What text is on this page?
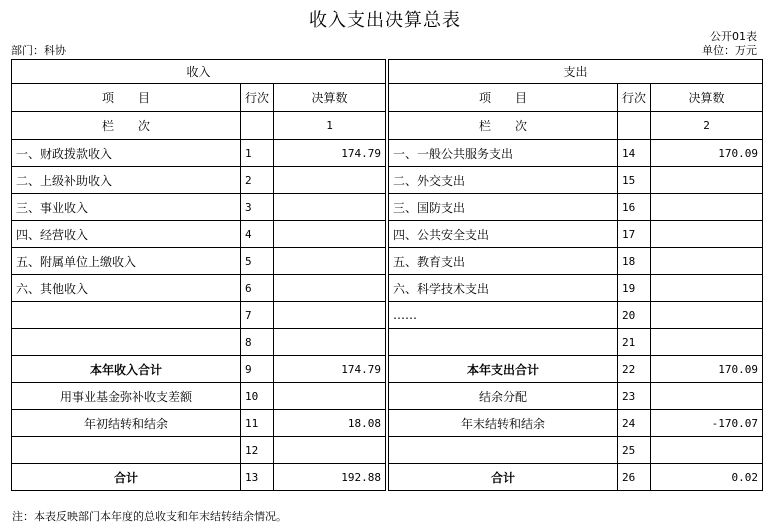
收入支出决算总表
公开01表
部门：科协	单位：万元
收入				支出		
项　　目	行次	决算数		项　　目	行次	决算数
栏　　次		1		栏　　次		2
一、财政拨款收入	1	174.79		一、一般公共服务支出	14	170.09
二、上级补助收入	2			二、外交支出	15	
三、事业收入	3			三、国防支出	16	
四、经营收入	4			四、公共安全支出	17	
五、附属单位上缴收入	5			五、教育支出	18	
六、其他收入	6			六、科学技术支出	19	
	7			……	20	
	8				21	
本年收入合计	9	174.79		本年支出合计	22	170.09
用事业基金弥补收支差额	10			结余分配	23	
年初结转和结余	11	18.08		年末结转和结余	24	-170.07
	12				25	
合计	13	192.88		合计	26	0.02
注：本表反映部门本年度的总收支和年末结转结余情况。
